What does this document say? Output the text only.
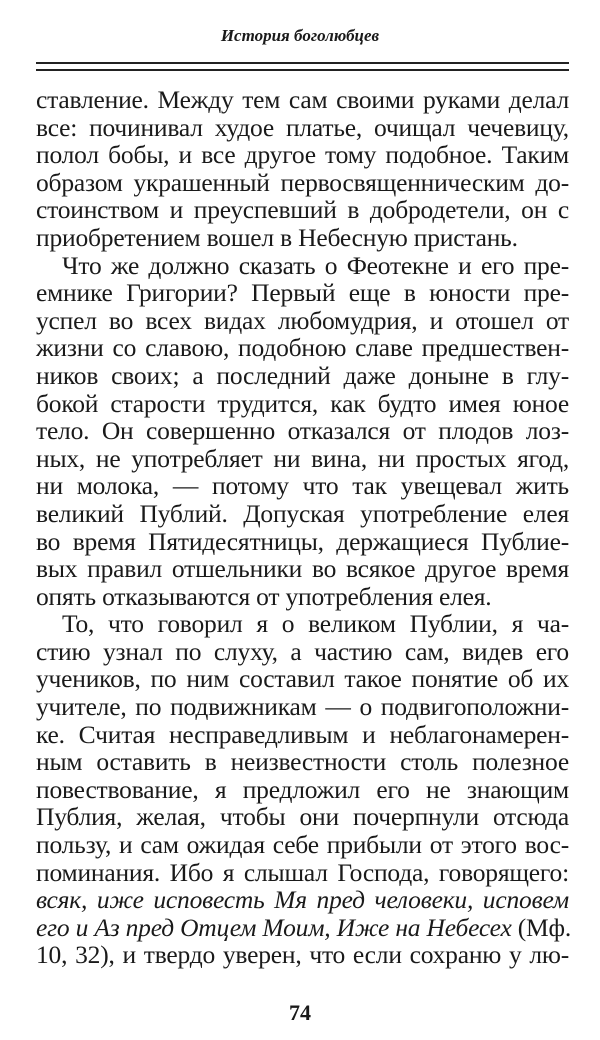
История боголюбцев
ставление. Между тем сам своими руками делал
все: починивал худое платье, очищал чечевицу,
полол бобы, и все другое тому подобное. Таким
образом украшенный первосвященническим до-
стоинством и преуспевший в добродетели, он с
приобретением вошел в Небесную пристань.
Что же должно сказать о Феотекне и его пре-
емнике Григории? Первый еще в юности пре-
успел во всех видах любомудрия, и отошел от
жизни со славою, подобною славе предшествен-
ников своих; а последний даже доныне в глу-
бокой старости трудится, как будто имея юное
тело. Он совершенно отказался от плодов лоз-
ных, не употребляет ни вина, ни простых ягод,
ни молока, — потому что так увещевал жить
великий Публий. Допуская употребление елея
во время Пятидесятницы, держащиеся Публие-
вых правил отшельники во всякое другое время
опять отказываются от употребления елея.
То, что говорил я о великом Публии, я ча-
стию узнал по слуху, а частию сам, видев его
учеников, по ним составил такое понятие об их
учителе, по подвижникам — о подвигоположни-
ке. Считая несправедливым и неблагонамерен-
ным оставить в неизвестности столь полезное
повествование, я предложил его не знающим
Публия, желая, чтобы они почерпнули отсюда
пользу, и сам ожидая себе прибыли от этого вос-
поминания. Ибо я слышал Господа, говорящего:
всяк, иже исповесть Мя пред человеки, исповем
его и Аз пред Отцем Моим, Иже на Небесех (Мф.
10, 32), и твердо уверен, что если сохраню у лю-
74
